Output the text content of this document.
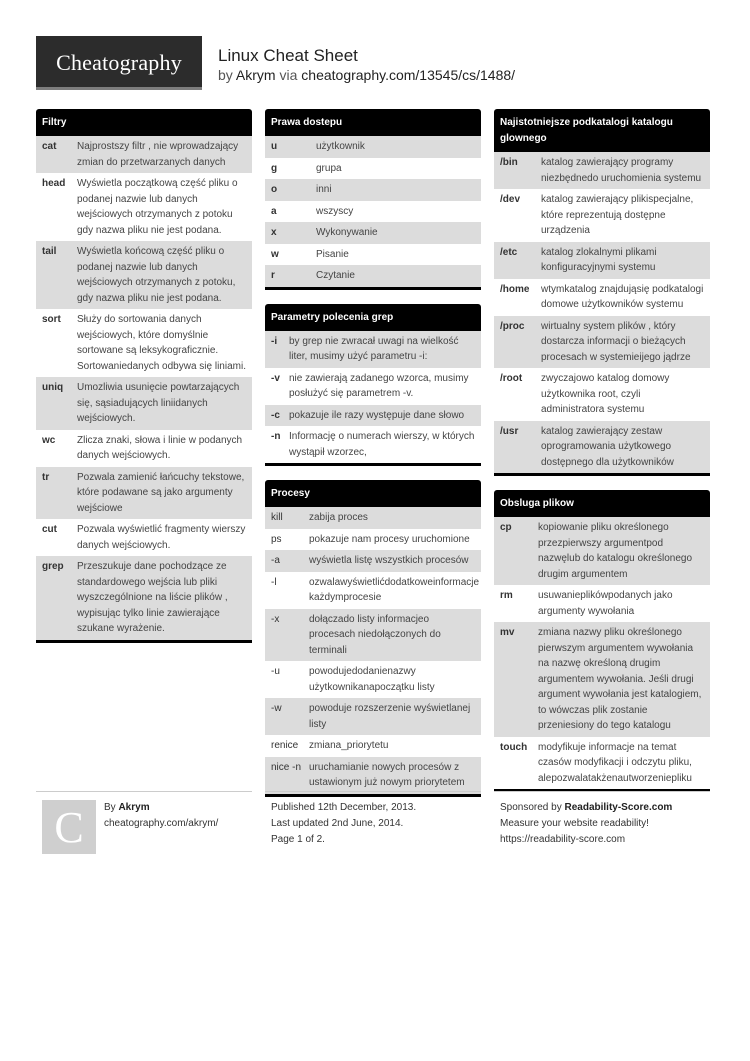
Cheatography Linux Cheat Sheet
by Akrym via cheatography.com/13545/cs/1488/
Filtry
cat	Najprostszy filtr , nie wprowadzający zmian do przetwarzanych danych
head	Wyświetla początkową część pliku o podanej nazwie lub danych wejściowych otrzymanych z potoku gdy nazwa pliku nie jest podana.
tail	Wyświetla końcową część pliku o podanej nazwie lub danych wejściowych otrzymanych z potoku, gdy nazwa pliku nie jest podana.
sort	Służy do sortowania danych wejściowych, które domyślnie sortowane są leksykograficznie. Sortowaniedanych odbywa się liniami.
uniq	Umozliwia usunięcie powtarzających się, sąsiadujących liniidanych wejściowych.
wc	Zlicza znaki, słowa i linie w podanych danych wejściowych.
tr	Pozwala zamienić łańcuchy tekstowe, które podawane są jako argumenty wejściowe
cut	Pozwala wyświetlić fragmenty wierszy danych wejściowych.
grep	Przeszukuje dane pochodzące ze standardowego wejścia lub pliki wyszczególnione na liście plików , wypisując tylko linie zawierające szukane wyrażenie.
Prawa dostepu
u	użytkownik
g	grupa
o	inni
a	wszyscy
x	Wykonywanie
w	Pisanie
r	Czytanie
Parametry polecenia grep
-i	by grep nie zwracał uwagi na wielkość liter, musimy użyć parametru -i:
-v nie zawierają zadanego wzorca, musimy posłużyć się parametrem -v.
-c pokazuje ile razy występuje dane słowo
-n Informację o numerach wierszy, w których wystąpił wzorzec,
Procesy
kill	zabija proces
ps	pokazuje nam procesy uruchomione
-a	wyświetla listę wszystkich procesów
-l	ozwalawyświetlićdodatkoweinformacje każdymprocesie
-x	dołączado listy informacjeo procesach niedołączonych do terminali
-u	powodujedodanienazwy użytkownikanapoczątku listy
-w	powoduje rozszerzenie wyświetlanej listy
renice	zmiana_priorytetu
nice -n uruchamianie nowych procesów z ustawionym już nowym priorytetem
Najistotniejsze podkatalogi katalogu glownego
/bin	katalog zawierający programy niezbędnedo uruchomienia systemu
/dev	katalog zawierający plikispecjalne, które reprezentują dostępne urządzenia
/etc	katalog zlokalnymi plikami konfiguracyjnymi systemu
/home	wtymkatalog znajdująsię podkatalogi domowe użytkowników systemu
/proc	wirtualny system plików , który dostarcza informacji o bieżących procesach w systemieijego jądrze
/root	zwyczajowo katalog domowy użytkownika root, czyli administratora systemu
/usr	katalog zawierający zestaw oprogramowania użytkowego dostępnego dla użytkowników
Obsluga plikow
cp	kopiowanie pliku określonego przezpierwszy argumentpod nazwęlub do katalogu określonego drugim argumentem
rm	usuwanieplikówpodanych jako argumenty wywołania
mv	zmiana nazwy pliku określonego pierwszym argumentem wywołania na nazwę określoną drugim argumentem wywołania. Jeśli drugi argument wywołania jest katalogiem, to wówczas plik zostanie przeniesiony do tego katalogu
touch	modyfikuje informacje na temat czasów modyfikacji i odczytu pliku, alepozwalatakżenautworzenieplik​u
C By Akrym
cheatography.com/akrym/
Published 12th December, 2013.
Last updated 2nd June, 2014.
Page 1 of 2.
Sponsored by Readability-Score.com
Measure your website readability!
https://readability-score.com
